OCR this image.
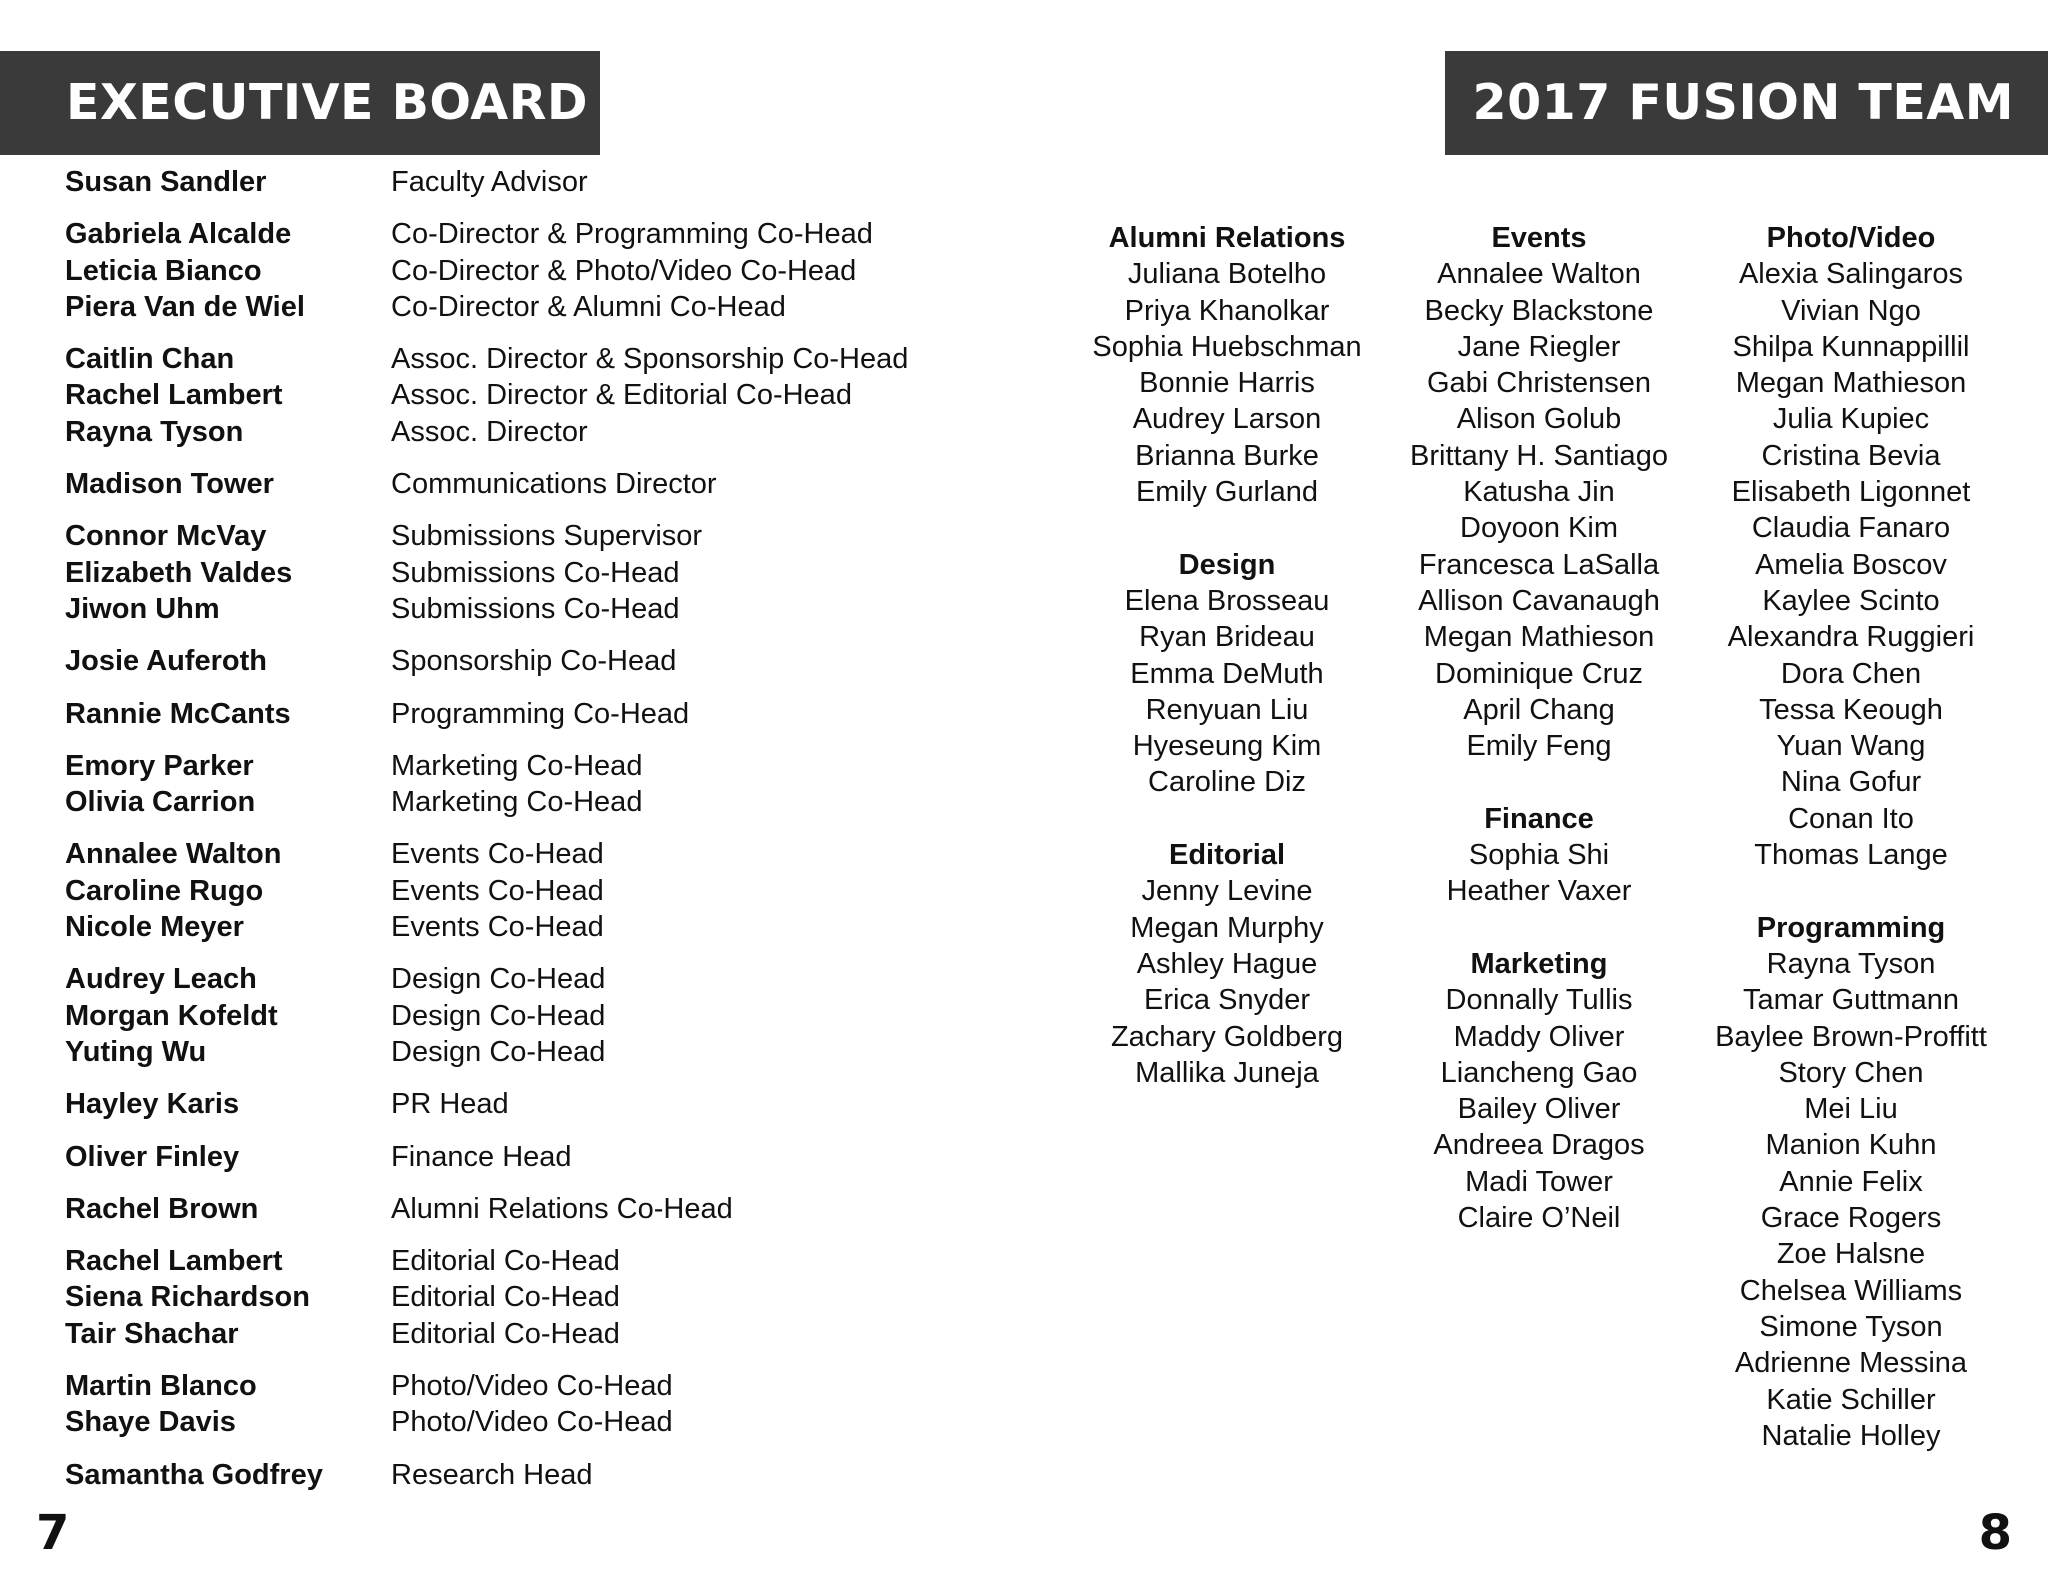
EXECUTIVE BOARD	2017 FUSION TEAM
Susan Sandler	Faculty Advisor
Gabriela Alcalde	Co-Director & Programming Co-Head
Leticia Bianco	Co-Director & Photo/Video Co-Head
Piera Van de Wiel	Co-Director & Alumni Co-Head
Caitlin Chan	Assoc. Director & Sponsorship Co-Head
Rachel Lambert	Assoc. Director & Editorial Co-Head
Rayna Tyson	Assoc. Director
Madison Tower	Communications Director
Connor McVay	Submissions Supervisor
Elizabeth Valdes	Submissions Co-Head
Jiwon Uhm	Submissions Co-Head
Josie Auferoth	Sponsorship Co-Head
Rannie McCants	Programming Co-Head
Emory Parker	Marketing Co-Head
Olivia Carrion	Marketing Co-Head
Annalee Walton	Events Co-Head
Caroline Rugo	Events Co-Head
Nicole Meyer	Events Co-Head
Audrey Leach	Design Co-Head
Morgan Kofeldt	Design Co-Head
Yuting Wu	Design Co-Head
Hayley Karis	PR Head
Oliver Finley	Finance Head
Rachel Brown	Alumni Relations Co-Head
Rachel Lambert	Editorial Co-Head
Siena Richardson	Editorial Co-Head
Tair Shachar	Editorial Co-Head
Martin Blanco	Photo/Video Co-Head
Shaye Davis	Photo/Video Co-Head
Samantha Godfrey	Research Head
Alumni Relations
Juliana Botelho
Priya Khanolkar
Sophia Huebschman
Bonnie Harris
Audrey Larson
Brianna Burke
Emily Gurland
Design
Elena Brosseau
Ryan Brideau
Emma DeMuth
Renyuan Liu
Hyeseung Kim
Caroline Diz
Editorial
Jenny Levine
Megan Murphy
Ashley Hague
Erica Snyder
Zachary Goldberg
Mallika Juneja
Events
Annalee Walton
Becky Blackstone
Jane Riegler
Gabi Christensen
Alison Golub
Brittany H. Santiago
Katusha Jin
Doyoon Kim
Francesca LaSalla
Allison Cavanaugh
Megan Mathieson
Dominique Cruz
April Chang
Emily Feng
Finance
Sophia Shi
Heather Vaxer
Marketing
Donnally Tullis
Maddy Oliver
Liancheng Gao
Bailey Oliver
Andreea Dragos
Madi Tower
Claire O’Neil
Photo/Video
Alexia Salingaros
Vivian Ngo
Shilpa Kunnappillil
Megan Mathieson
Julia Kupiec
Cristina Bevia
Elisabeth Ligonnet
Claudia Fanaro
Amelia Boscov
Kaylee Scinto
Alexandra Ruggieri
Dora Chen
Tessa Keough
Yuan Wang
Nina Gofur
Conan Ito
Thomas Lange
Programming
Rayna Tyson
Tamar Guttmann
Baylee Brown-Proffitt
Story Chen
Mei Liu
Manion Kuhn
Annie Felix
Grace Rogers
Zoe Halsne
Chelsea Williams
Simone Tyson
Adrienne Messina
Katie Schiller
Natalie Holley
7	8
